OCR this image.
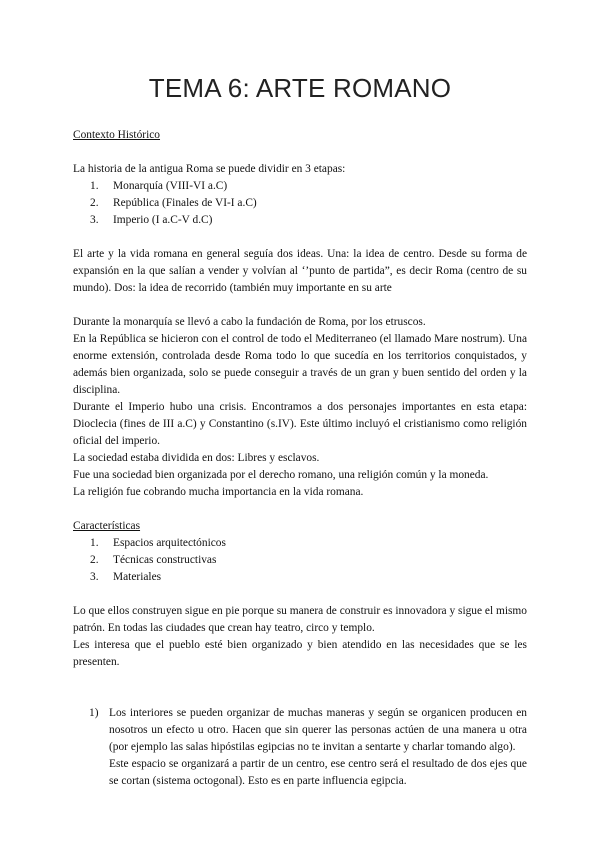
TEMA 6: ARTE ROMANO

Contexto Histórico

La historia de la antigua Roma se puede dividir en 3 etapas:

1. Monarquía (VIII-VI a.C)
2. República (Finales de VI-I a.C)
3. Imperio (I a.C-V d.C)

El arte y la vida romana en general seguía dos ideas. Una: la idea de centro. Desde su forma de expansión en la que salían a vender y volvían al ‘’punto de partida”, es decir Roma (centro de su mundo). Dos: la idea de recorrido (también muy importante en su arte

Durante la monarquía se llevó a cabo la fundación de Roma, por los etruscos.

En la República se hicieron con el control de todo el Mediterraneo (el llamado Mare nostrum). Una enorme extensión, controlada desde Roma todo lo que sucedía en los territorios conquistados, y además bien organizada, solo se puede conseguir a través de un gran y buen sentido del orden y la disciplina.

Durante el Imperio hubo una crisis. Encontramos a dos personajes importantes en esta etapa: Dioclecia (fines de III a.C) y Constantino (s.IV). Este último incluyó el cristianismo como religión oficial del imperio.

La sociedad estaba dividida en dos: Libres y esclavos.

Fue una sociedad bien organizada por el derecho romano, una religión común y la moneda.

La religión fue cobrando mucha importancia en la vida romana.

Características

1. Espacios arquitectónicos
2. Técnicas constructivas
3. Materiales

Lo que ellos construyen sigue en pie porque su manera de construir es innovadora y sigue el mismo patrón. En todas las ciudades que crean hay teatro, circo y templo.

Les interesa que el pueblo esté bien organizado y bien atendido en las necesidades que se les presenten.

1) Los interiores se pueden organizar de muchas maneras y según se organicen producen en nosotros un efecto u otro. Hacen que sin querer las personas actúen de una manera u otra (por ejemplo las salas hipóstilas egipcias no te invitan a sentarte y charlar tomando algo).

Este espacio se organizará a partir de un centro, ese centro será el resultado de dos ejes que se cortan (sistema octogonal). Esto es en parte influencia egipcia.
